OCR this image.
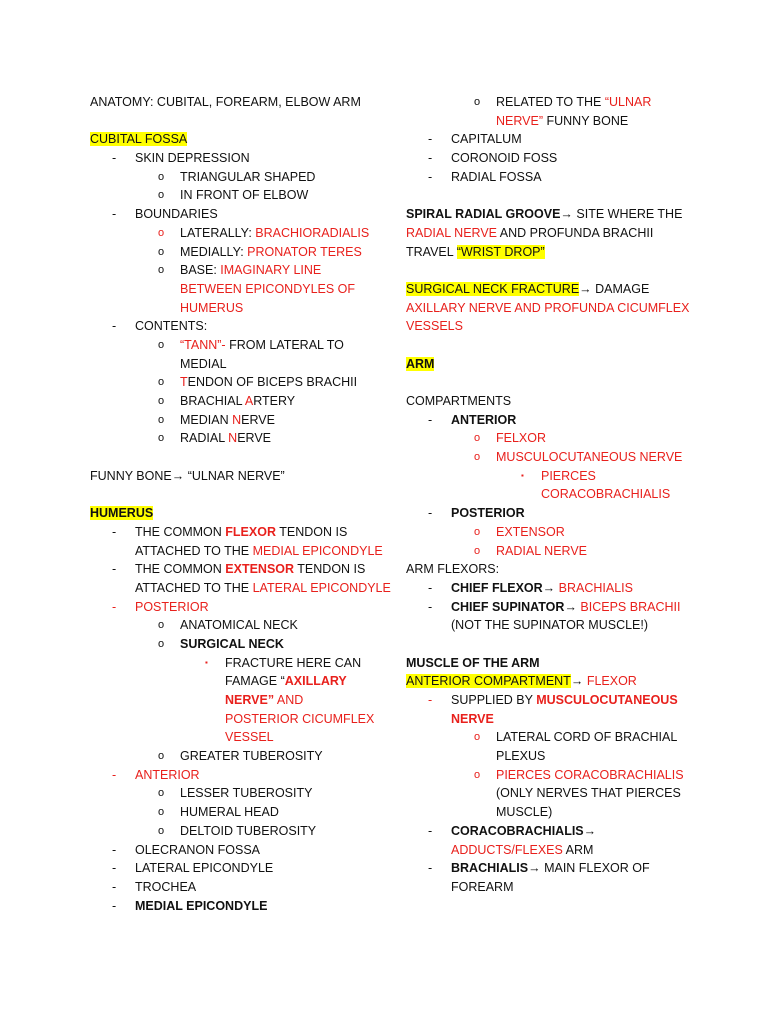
ANATOMY: CUBITAL, FOREARM, ELBOW ARM
CUBITAL FOSSA
- SKIN DEPRESSION
o TRIANGULAR SHAPED
o IN FRONT OF ELBOW
- BOUNDARIES
o LATERALLY: BRACHIORADIALIS
o MEDIALLY: PRONATOR TERES
o BASE: IMAGINARY LINE
BETWEEN EPICONDYLES OF
HUMERUS
- CONTENTS:
o “TANN”- FROM LATERAL TO
MEDIAL
o TENDON OF BICEPS BRACHII
o BRACHIAL ARTERY
o MEDIAN NERVE
o RADIAL NERVE
FUNNY BONE→ “ULNAR NERVE”
HUMERUS
- THE COMMON FLEXOR TENDON IS
ATTACHED TO THE MEDIAL EPICONDYLE
- THE COMMON EXTENSOR TENDON IS
ATTACHED TO THE LATERAL EPICONDYLE
- POSTERIOR
o ANATOMICAL NECK
o SURGICAL NECK
▪ FRACTURE HERE CAN
FAMAGE “AXILLARY
NERVE” AND
POSTERIOR CICUMFLEX
VESSEL
o GREATER TUBEROSITY
- ANTERIOR
o LESSER TUBEROSITY
o HUMERAL HEAD
o DELTOID TUBEROSITY
- OLECRANON FOSSA
- LATERAL EPICONDYLE
- TROCHEA
- MEDIAL EPICONDYLE
o RELATED TO THE “ULNAR
NERVE” FUNNY BONE
- CAPITALUM
- CORONOID FOSS
- RADIAL FOSSA
SPIRAL RADIAL GROOVE→ SITE WHERE THE
RADIAL NERVE AND PROFUNDA BRACHII
TRAVEL “WRIST DROP”
SURGICAL NECK FRACTURE→ DAMAGE
AXILLARY NERVE AND PROFUNDA CICUMFLEX
VESSELS
ARM
COMPARTMENTS
- ANTERIOR
o FELXOR
o MUSCULOCUTANEOUS NERVE
▪ PIERCES
CORACOBRACHIALIS
- POSTERIOR
o EXTENSOR
o RADIAL NERVE
ARM FLEXORS:
- CHIEF FLEXOR→ BRACHIALIS
- CHIEF SUPINATOR→ BICEPS BRACHII
(NOT THE SUPINATOR MUSCLE!)
MUSCLE OF THE ARM
ANTERIOR COMPARTMENT→ FLEXOR
- SUPPLIED BY MUSCULOCUTANEOUS
NERVE
o LATERAL CORD OF BRACHIAL
PLEXUS
o PIERCES CORACOBRACHIALIS
(ONLY NERVES THAT PIERCES
MUSCLE)
- CORACOBRACHIALIS→
ADDUCTS/FLEXES ARM
- BRACHIALIS→ MAIN FLEXOR OF
FOREARM
